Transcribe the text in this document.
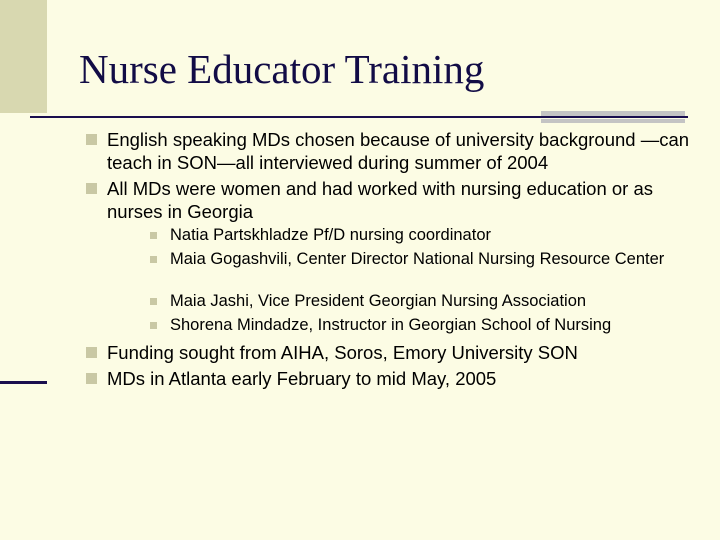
Nurse Educator Training
English speaking MDs chosen because of university background —can teach in SON—all interviewed during summer of 2004
All MDs were women and had worked with nursing education or as nurses in Georgia
Natia Partskhladze Pf/D nursing coordinator
Maia Gogashvili, Center Director National Nursing Resource Center
Maia Jashi, Vice President Georgian Nursing Association
Shorena Mindadze, Instructor in Georgian School of Nursing
Funding sought from AIHA, Soros, Emory University SON
MDs in Atlanta early February to mid May, 2005
